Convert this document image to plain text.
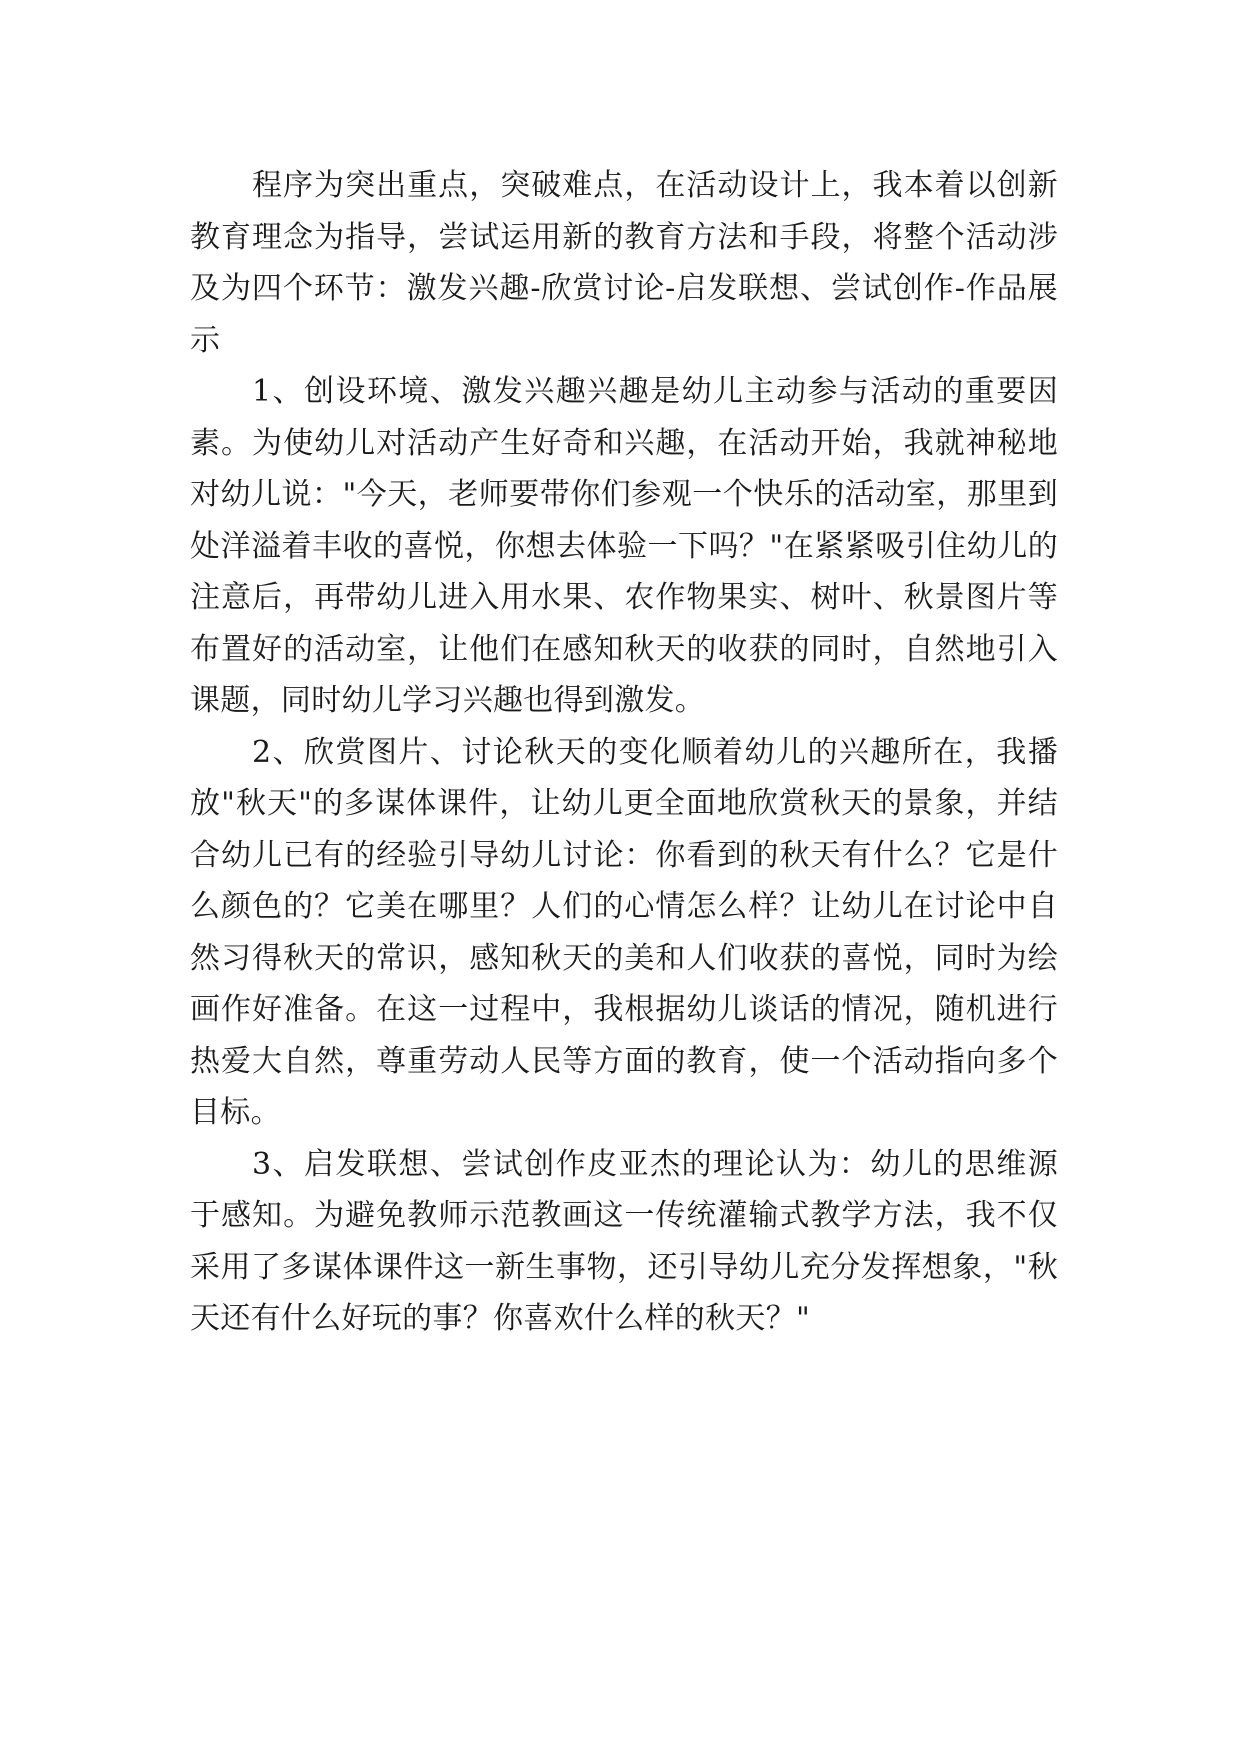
程序为突出重点，突破难点，在活动设计上，我本着以创新教育理念为指导，尝试运用新的教育方法和手段，将整个活动涉及为四个环节：激发兴趣-欣赏讨论-启发联想、尝试创作-作品展示

1、创设环境、激发兴趣兴趣是幼儿主动参与活动的重要因素。为使幼儿对活动产生好奇和兴趣，在活动开始，我就神秘地对幼儿说："今天，老师要带你们参观一个快乐的活动室，那里到处洋溢着丰收的喜悦，你想去体验一下吗？"在紧紧吸引住幼儿的注意后，再带幼儿进入用水果、农作物果实、树叶、秋景图片等布置好的活动室，让他们在感知秋天的收获的同时，自然地引入课题，同时幼儿学习兴趣也得到激发。

2、欣赏图片、讨论秋天的变化顺着幼儿的兴趣所在，我播放"秋天"的多谋体课件，让幼儿更全面地欣赏秋天的景象，并结合幼儿已有的经验引导幼儿讨论：你看到的秋天有什么？它是什么颜色的？它美在哪里？人们的心情怎么样？让幼儿在讨论中自然习得秋天的常识，感知秋天的美和人们收获的喜悦，同时为绘画作好准备。在这一过程中，我根据幼儿谈话的情况，随机进行热爱大自然，尊重劳动人民等方面的教育，使一个活动指向多个目标。

3、启发联想、尝试创作皮亚杰的理论认为：幼儿的思维源于感知。为避免教师示范教画这一传统灌输式教学方法，我不仅采用了多谋体课件这一新生事物，还引导幼儿充分发挥想象，"秋天还有什么好玩的事？你喜欢什么样的秋天？"
